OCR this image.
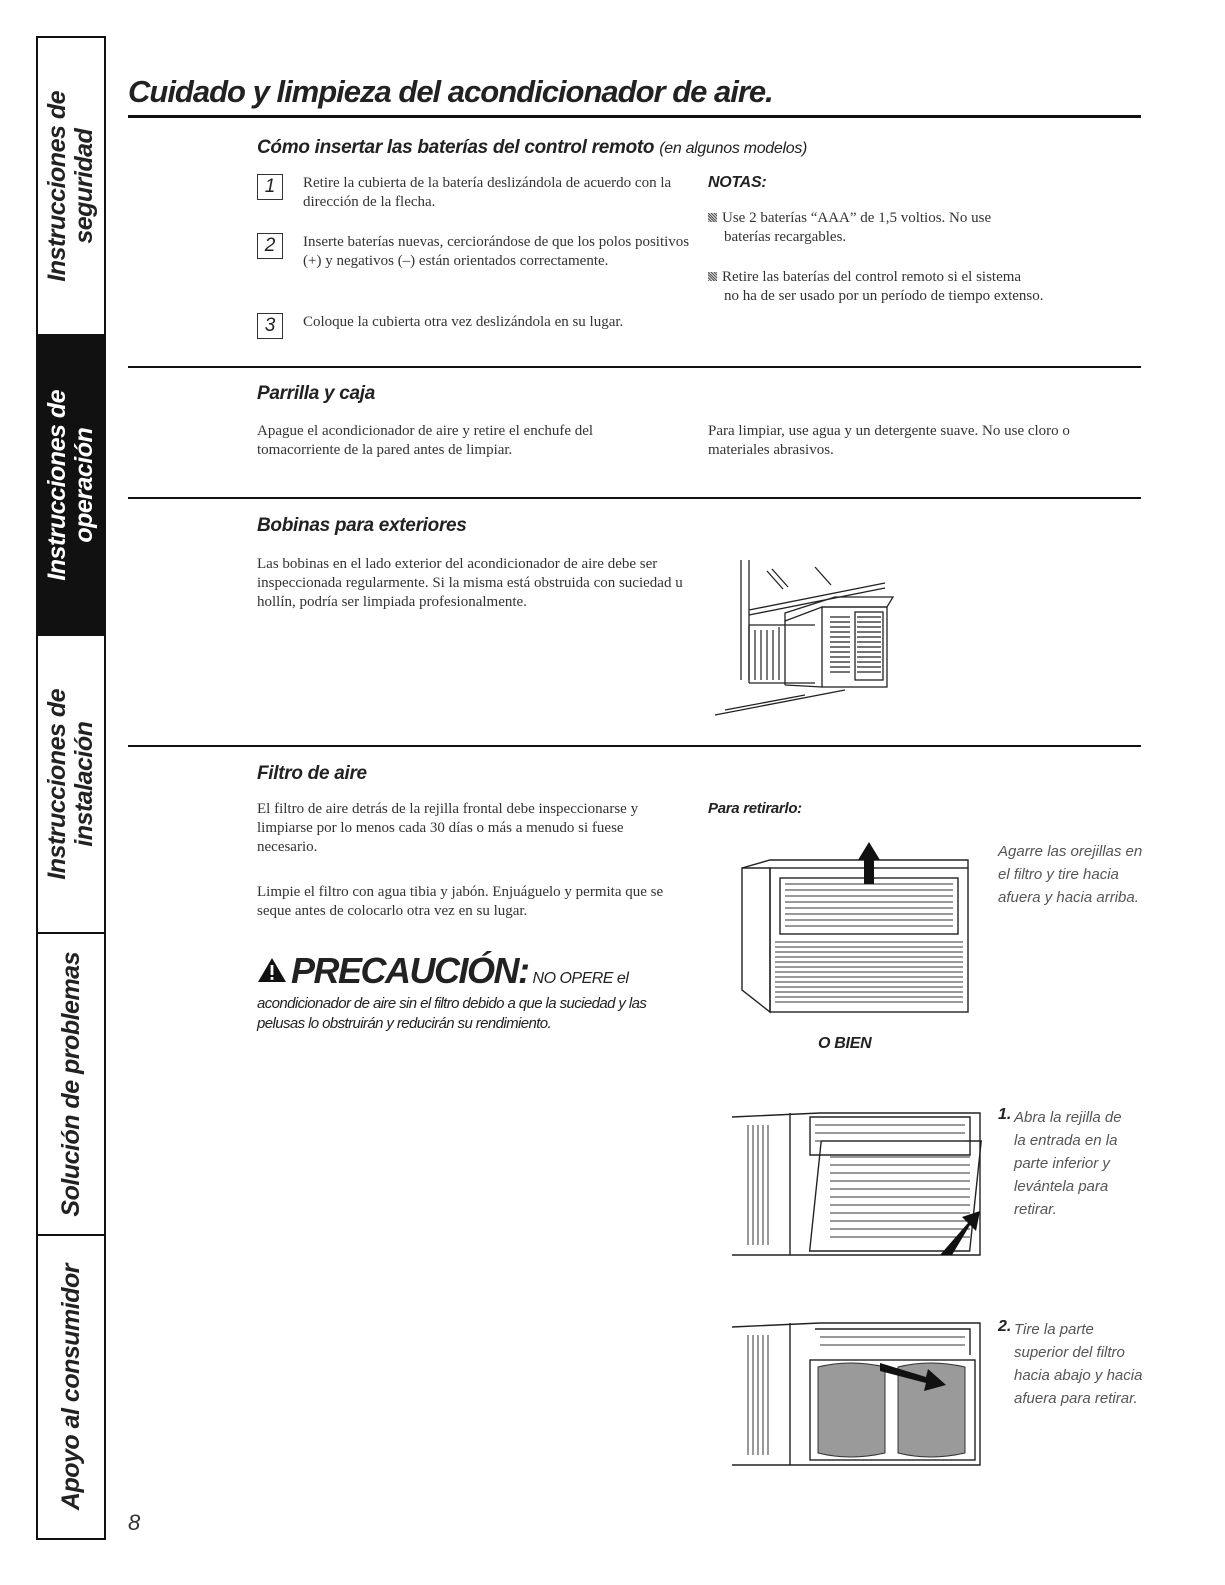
Instrucciones de
seguridad
Instrucciones de
operación
Instrucciones de
instalación
Solución de problemas
Apoyo al consumidor
Cuidado y limpieza del acondicionador de aire.
Cómo insertar las baterías del control remoto (en algunos modelos)
1	Retire la cubierta de la batería deslizándola de acuerdo con la dirección de la flecha.
2	Inserte baterías nuevas, cerciorándose de que los polos positivos (+) y negativos (–) están orientados correctamente.
3	Coloque la cubierta otra vez deslizándola en su lugar.
NOTAS:
Use 2 baterías “AAA” de 1,5 voltios. No use
baterías recargables.
Retire las baterías del control remoto si el sistema
no ha de ser usado por un período de tiempo extenso.
Parrilla y caja

Apague el acondicionador de aire y retire el enchufe del tomacorriente de la pared antes de limpiar.

Para limpiar, use agua y un detergente suave. No use cloro o materiales abrasivos.

Bobinas para exteriores

Las bobinas en el lado exterior del acondicionador de aire debe ser inspeccionada regularmente. Si la misma está obstruida con suciedad u hollín, podría ser limpiada profesionalmente.

Filtro de aire

El filtro de aire detrás de la rejilla frontal debe inspeccionarse y limpiarse por lo menos cada 30 días o más a menudo si fuese necesario.

Limpie el filtro con agua tibia y jabón. Enjuáguelo y permita que se seque antes de colocarlo otra vez en su lugar.

PRECAUCIÓN: NO OPERE el

acondicionador de aire sin el filtro debido a que la suciedad y las pelusas lo obstruirán y reducirán su rendimiento.

Para retirarlo:
Agarre las orejillas en el filtro y tire hacia afuera y hacia arriba.
O BIEN
1. Abra la rejilla de la entrada en la parte inferior y levántela para retirar.
2. Tire la parte superior del filtro hacia abajo y hacia afuera para retirar.
8
